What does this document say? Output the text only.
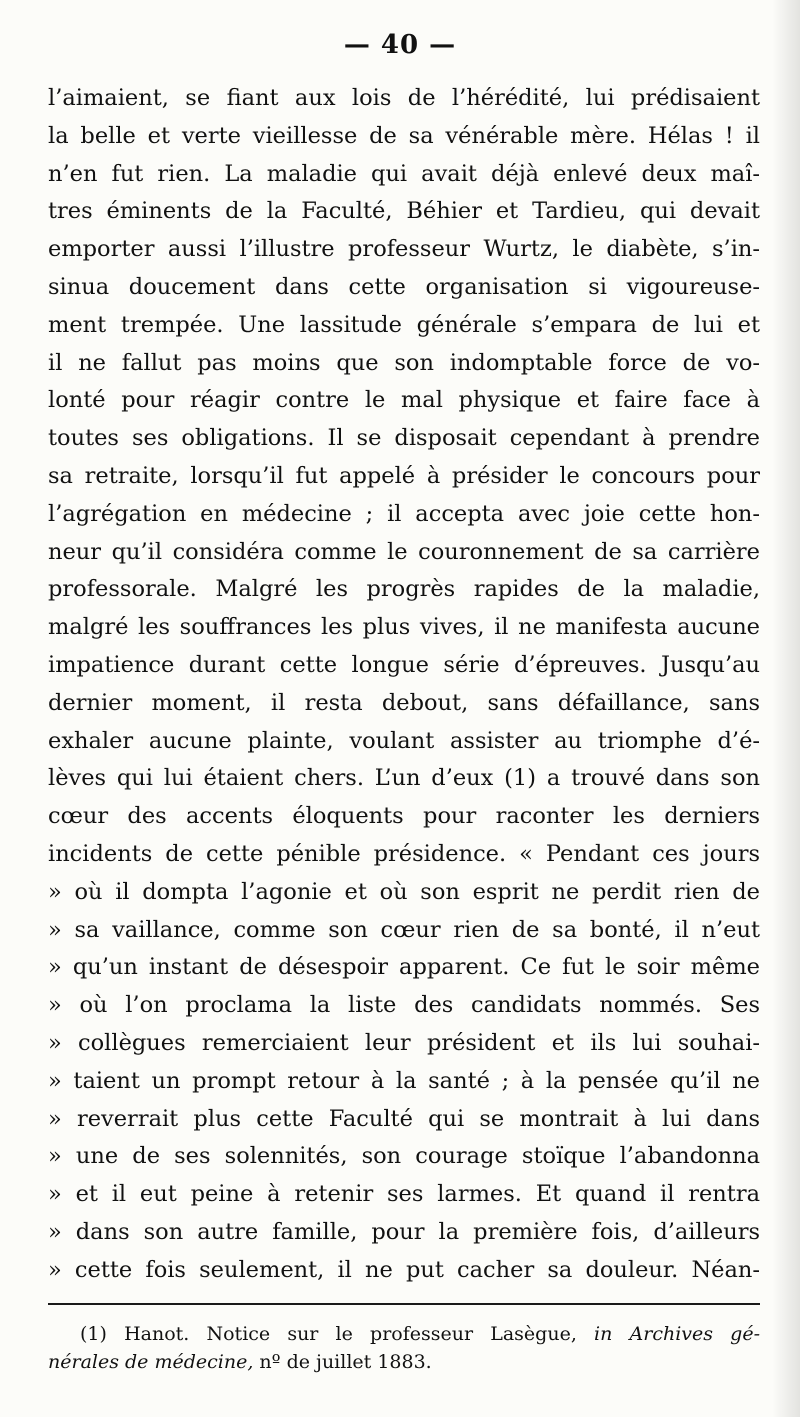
— 40 —
l’aimaient, se fiant aux lois de l’hérédité, lui prédisaient
la belle et verte vieillesse de sa vénérable mère. Hélas ! il
n’en fut rien. La maladie qui avait déjà enlevé deux maî-
tres éminents de la Faculté, Béhier et Tardieu, qui devait
emporter aussi l’illustre professeur Wurtz, le diabète, s’in-
sinua doucement dans cette organisation si vigoureuse-
ment trempée. Une lassitude générale s’empara de lui et
il ne fallut pas moins que son indomptable force de vo-
lonté pour réagir contre le mal physique et faire face à
toutes ses obligations. Il se disposait cependant à prendre
sa retraite, lorsqu’il fut appelé à présider le concours pour
l’agrégation en médecine ; il accepta avec joie cette hon-
neur qu’il considéra comme le couronnement de sa carrière
professorale. Malgré les progrès rapides de la maladie,
malgré les souffrances les plus vives, il ne manifesta aucune
impatience durant cette longue série d’épreuves. Jusqu’au
dernier moment, il resta debout, sans défaillance, sans
exhaler aucune plainte, voulant assister au triomphe d’é-
lèves qui lui étaient chers. L’un d’eux (1) a trouvé dans son
cœur des accents éloquents pour raconter les derniers
incidents de cette pénible présidence. « Pendant ces jours
» où il dompta l’agonie et où son esprit ne perdit rien de
» sa vaillance, comme son cœur rien de sa bonté, il n’eut
» qu’un instant de désespoir apparent. Ce fut le soir même
» où l’on proclama la liste des candidats nommés. Ses
» collègues remerciaient leur président et ils lui souhai-
» taient un prompt retour à la santé ; à la pensée qu’il ne
» reverrait plus cette Faculté qui se montrait à lui dans
» une de ses solennités, son courage stoïque l’abandonna
» et il eut peine à retenir ses larmes. Et quand il rentra
» dans son autre famille, pour la première fois, d’ailleurs
» cette fois seulement, il ne put cacher sa douleur. Néan-
(1) Hanot. Notice sur le professeur Lasègue, in Archives gé-
nérales de médecine, nº de juillet 1883.
